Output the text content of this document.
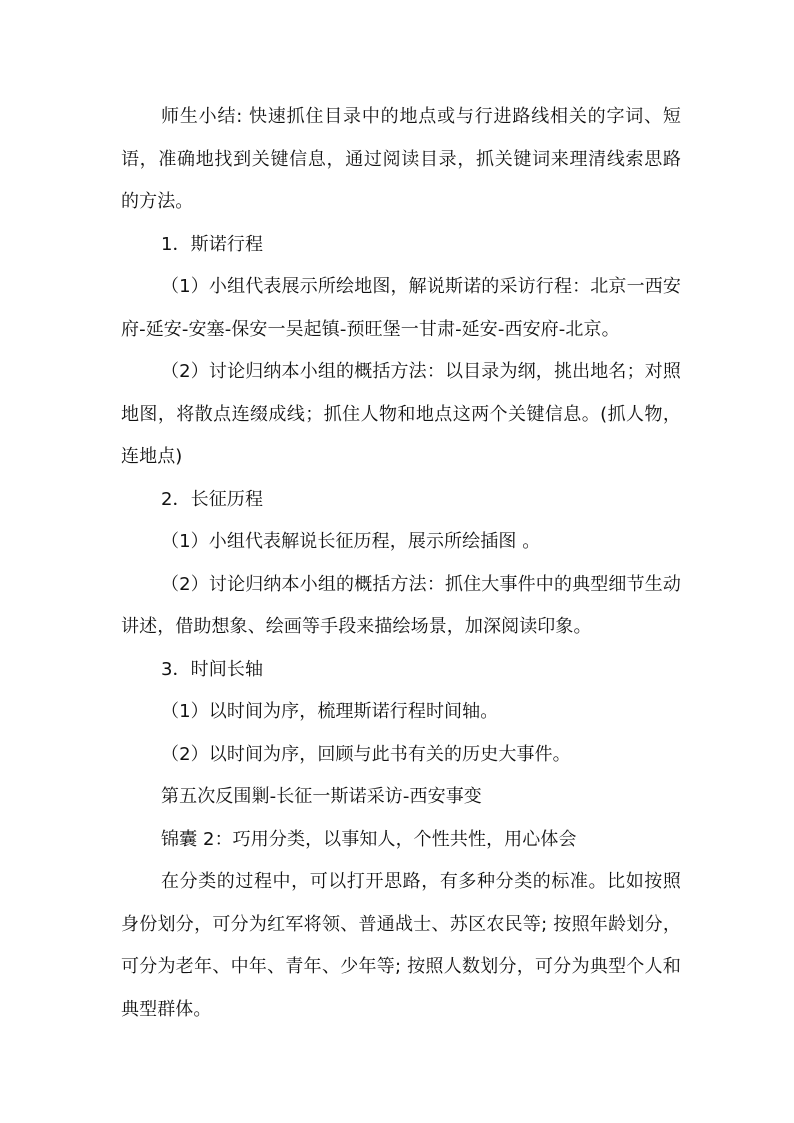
师生小结: 快速抓住目录中的地点或与行进路线相关的字词、短语，准确地找到关键信息，通过阅读目录，抓关键词来理清线索思路的方法。

1．斯诺行程

（1）小组代表展示所绘地图，解说斯诺的采访行程：北京一西安府-延安-安塞-保安一吴起镇-预旺堡一甘肃-延安-西安府-北京。

（2）讨论归纳本小组的概括方法：以目录为纲，挑出地名；对照地图，将散点连缀成线；抓住人物和地点这两个关键信息。(抓人物，连地点)

2．长征历程

（1）小组代表解说长征历程，展示所绘插图 。

（2）讨论归纳本小组的概括方法：抓住大事件中的典型细节生动讲述，借助想象、绘画等手段来描绘场景，加深阅读印象。

3．时间长轴

（1）以时间为序，梳理斯诺行程时间轴。

（2）以时间为序，回顾与此书有关的历史大事件。

第五次反围剿-长征一斯诺采访-西安事变

锦囊 2：巧用分类，以事知人，个性共性，用心体会

在分类的过程中，可以打开思路，有多种分类的标准。比如按照身份划分，可分为红军将领、普通战士、苏区农民等; 按照年龄划分，可分为老年、中年、青年、少年等; 按照人数划分，可分为典型个人和典型群体。
